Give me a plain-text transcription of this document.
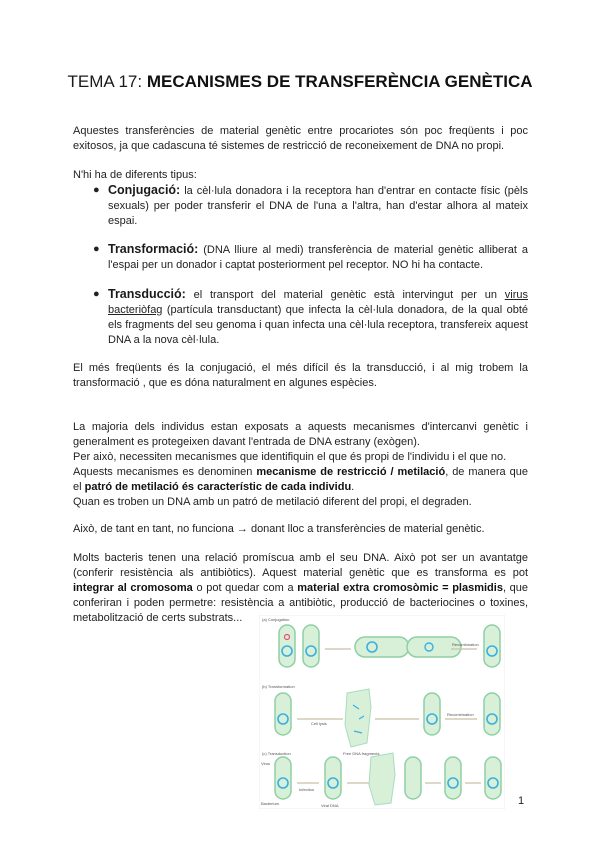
TEMA 17: MECANISMES DE TRANSFERÈNCIA GENÈTICA
Aquestes transferències de material genètic entre procariotes són poc freqüents i poc exitosos, ja que cadascuna té sistemes de restricció de reconeixement de DNA no propi.
N'hi ha de diferents tipus:
● Conjugació: la cèl·lula donadora i la receptora han d'entrar en contacte físic (pèls sexuals) per poder transferir el DNA de l'una a l'altra, han d'estar alhora al mateix espai.
● Transformació: (DNA lliure al medi) transferència de material genètic alliberat a l'espai per un donador i captat posteriorment pel receptor. NO hi ha contacte.
● Transducció: el transport del material genètic està intervingut per un virus bacteriòfag (partícula transductant) que infecta la cèl·lula donadora, de la qual obté els fragments del seu genoma i quan infecta una cèl·lula receptora, transfereix aquest DNA a la nova cèl·lula.
El més freqüents és la conjugació, el més difícil és la transducció, i al mig trobem la transformació , que es dóna naturalment en algunes espècies.
La majoria dels individus estan exposats a aquests mecanismes d'intercanvi genètic i generalment es protegeixen davant l'entrada de DNA estrany (exògen).
Per això, necessiten mecanismes que identifiquin el que és propi de l'individu i el que no.
Aquests mecanismes es denominen mecanisme de restricció / metilació, de manera que el patró de metilació és característic de cada individu.
Quan es troben un DNA amb un patró de metilació diferent del propi, el degraden.
Això, de tant en tant, no funciona → donant lloc a transferències de material genètic.
Molts bacteris tenen una relació promíscua amb el seu DNA. Això pot ser un avantatge (conferir resistència als antibiòtics). Aquest material genètic que es transforma es pot integrar al cromosoma o pot quedar com a material extra cromosòmic = plasmidis, que conferiran i poden permetre: resistència a antibiòtic, producció de bacteriocines o toxines, metabolització de certs substrats...	(a) Conjugation
Recombination
(b) Transformation
Cell lysis
Free DNA fragments
Recombination
(c) Transduction
Virus
Bacterium
Infection
Viral DNA	1
